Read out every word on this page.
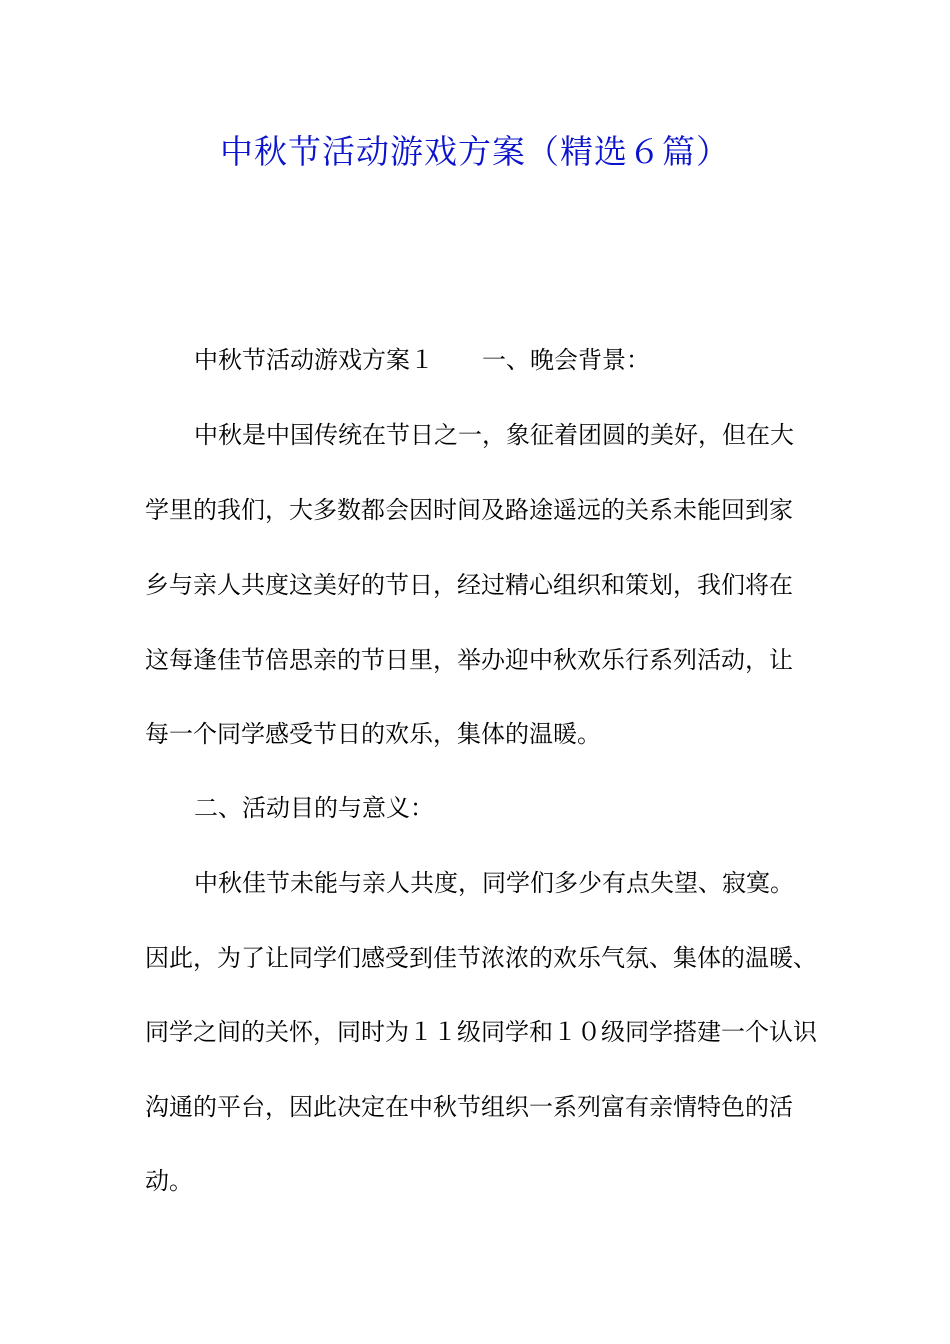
中秋节活动游戏方案（精选６篇）
中秋节活动游戏方案１ 一、晚会背景：
中秋是中国传统在节日之一，象征着团圆的美好，但在大
学里的我们，大多数都会因时间及路途遥远的关系未能回到家
乡与亲人共度这美好的节日，经过精心组织和策划，我们将在
这每逢佳节倍思亲的节日里，举办迎中秋欢乐行系列活动，让
每一个同学感受节日的欢乐，集体的温暖。
二、活动目的与意义：
中秋佳节未能与亲人共度，同学们多少有点失望、寂寞。
因此，为了让同学们感受到佳节浓浓的欢乐气氛、集体的温暖、
同学之间的关怀，同时为１１级同学和１０级同学搭建一个认识
沟通的平台，因此决定在中秋节组织一系列富有亲情特色的活
动。
